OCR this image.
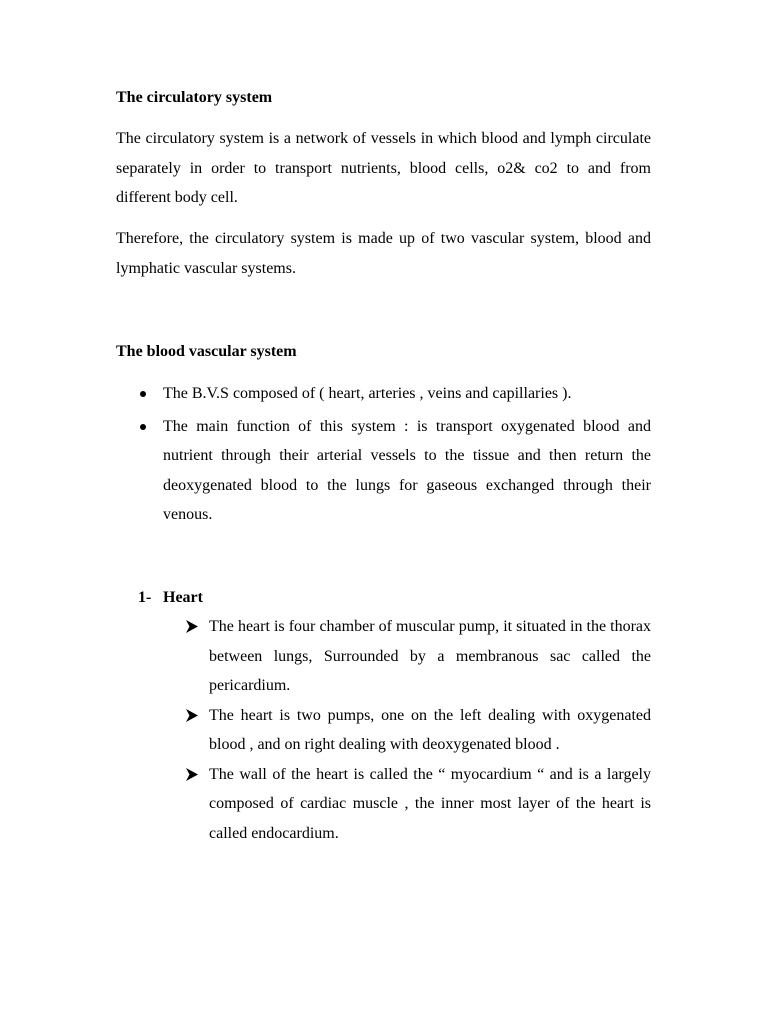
The circulatory system
The circulatory system is a network of vessels in which blood and lymph circulate separately in order to transport nutrients, blood cells, o2& co2 to and from different body cell.
Therefore, the circulatory system is made up of two vascular system, blood and lymphatic vascular systems.
The blood vascular system
The B.V.S composed of ( heart, arteries , veins and capillaries ).
The main function of this system : is transport oxygenated blood and nutrient through their arterial vessels to the tissue and then return the deoxygenated blood to the lungs for gaseous exchanged through their venous.
1- Heart
The heart is four chamber of muscular pump, it situated in the thorax between lungs, Surrounded by a membranous sac called the pericardium.
The heart is two pumps, one on the left dealing with oxygenated blood , and on right dealing with deoxygenated blood .
The wall of the heart is called the “ myocardium “ and is a largely composed of cardiac muscle , the inner most layer of the heart is called endocardium.
